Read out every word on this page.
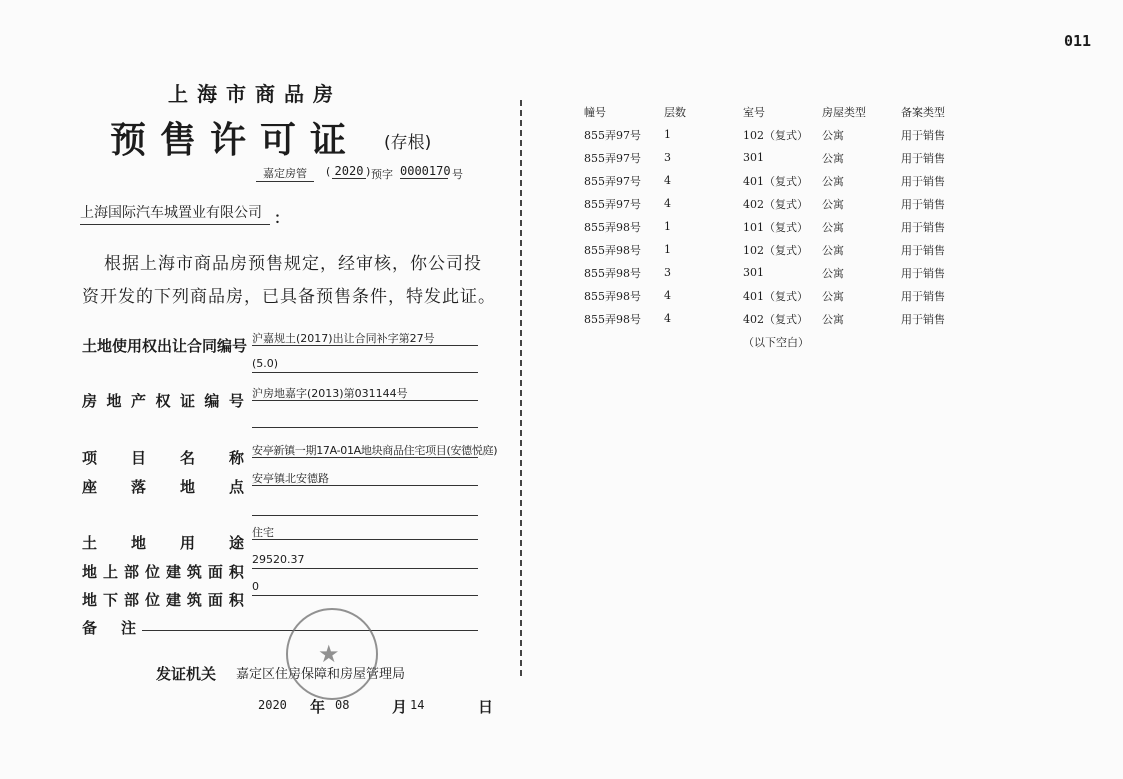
011
上海市商品房
预售许可证 (存根)
嘉定房管	( 2020 ) 预字 0000170 号
上海国际汽车城置业有限公司 ：
根据上海市商品房预售规定，经审核，你公司投
资开发的下列商品房，已具备预售条件，特发此证。
土地使用权出让合同编号 沪嘉规土(2017)出让合同补字第27号
(5.0)
房 地 产 权 证 编 号 沪房地嘉字(2013)第031144号
项 目 名 称 安亭新镇一期17A-01A地块商品住宅项目(安德悦庭)
座 落 地 点 安亭镇北安德路
土 地 用 途
住宅
地 上 部 位 建 筑 面 积
29520.37
地 下 部 位 建 筑 面 积
0
备 注
发证机关 嘉定区住房保障和房屋管理局
★
2020 年 08	月 14	日
幢号	层数	室号	房屋类型	备案类型
855弄97号	1	102（复式）	公寓	用于销售
855弄97号	3	301	公寓	用于销售
855弄97号	4	401（复式）	公寓	用于销售
855弄97号	4	402（复式）	公寓	用于销售
855弄98号	1	101（复式）	公寓	用于销售
855弄98号	1	102（复式）	公寓	用于销售
855弄98号	3	301	公寓	用于销售
855弄98号	4	401（复式）	公寓	用于销售
855弄98号	4	402（复式）	公寓	用于销售
		（以下空白）		
